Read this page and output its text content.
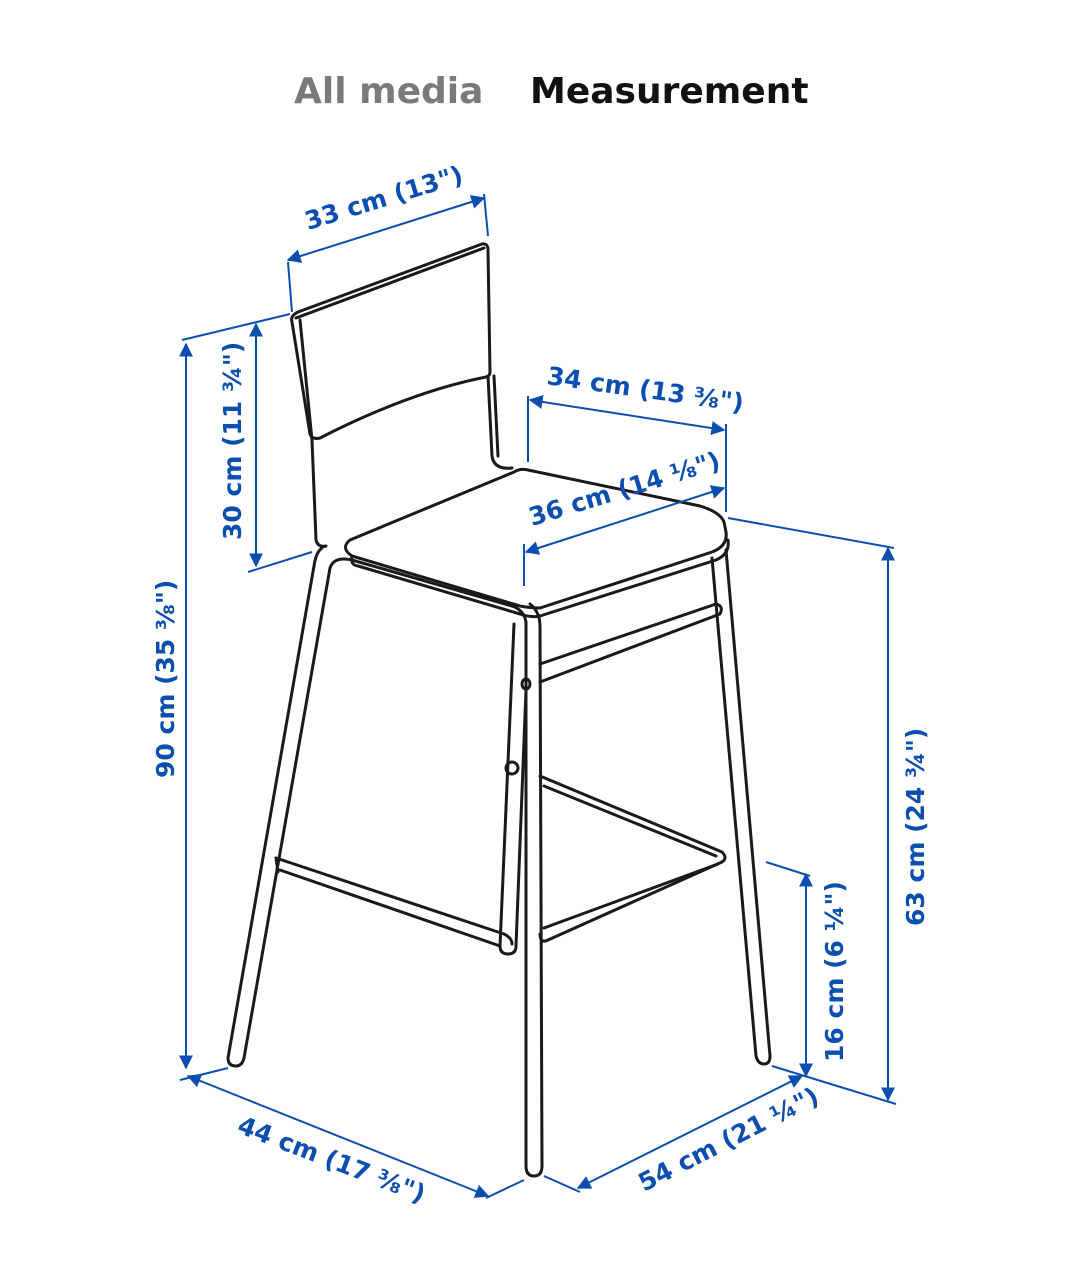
All media Measurement
33 cm (13")
30 cm (11 ¾")
90 cm (35 ⅜")
34 cm (13 ⅜")
36 cm (14 ⅛")
63 cm (24 ¾")
16 cm (6 ¼")
44 cm (17 ⅜")	54 cm (21 ¼")
